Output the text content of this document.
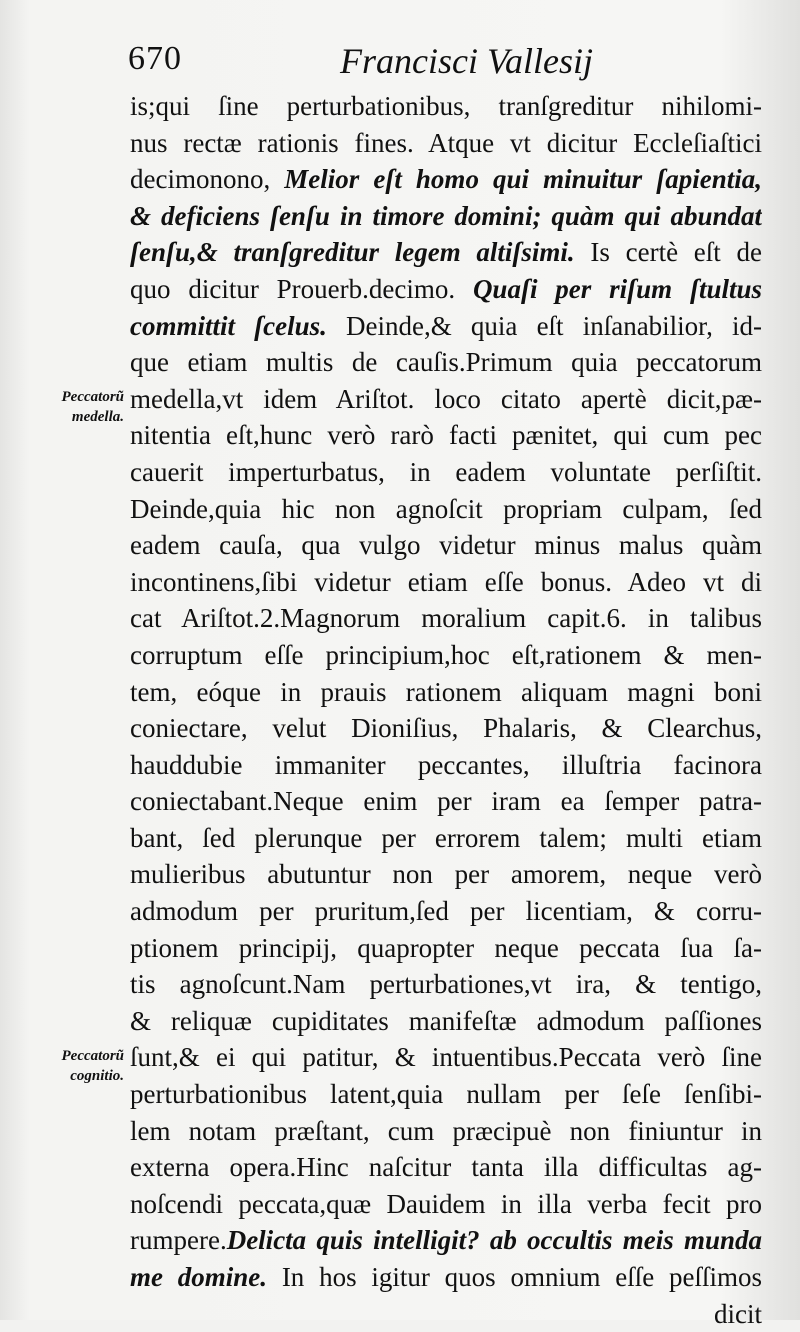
670	Francisci Vallesij
is;qui ſine perturbationibus, tranſgreditur nihilomi-
nus rectæ rationis fines. Atque vt dicitur Eccleſiaſtici
decimonono, Melior eſt homo qui minuitur ſapientia,
& deficiens ſenſu in timore domini; quàm qui abundat
ſenſu,& tranſgreditur legem altiſsimi. Is certè eſt de
quo dicitur Prouerb.decimo. Quaſi per riſum ſtultus
committit ſcelus. Deinde,& quia eſt inſanabilior, id-
que etiam multis de cauſis.Primum quia peccatorum
medella,vt idem Ariſtot. loco citato apertè dicit,pæ-
nitentia eſt,hunc verò rarò facti pænitet, qui cum pec
cauerit imperturbatus, in eadem voluntate perſiſtit.
Deinde,quia hic non agnoſcit propriam culpam, ſed
eadem cauſa, qua vulgo videtur minus malus quàm
incontinens,ſibi videtur etiam eſſe bonus. Adeo vt di
cat Ariſtot.2.Magnorum moralium capit.6. in talibus
corruptum eſſe principium,hoc eſt,rationem & men-
tem, eóque in prauis rationem aliquam magni boni
coniectare, velut Dioniſius, Phalaris, & Clearchus,
hauddubie immaniter peccantes, illuſtria facinora
coniectabant.Neque enim per iram ea ſemper patra-
bant, ſed plerunque per errorem talem; multi etiam
mulieribus abutuntur non per amorem, neque verò
admodum per pruritum,ſed per licentiam, & corru-
ptionem principij, quapropter neque peccata ſua ſa-
tis agnoſcunt.Nam perturbationes,vt ira, & tentigo,
& reliquæ cupiditates manifeſtæ admodum paſſiones
ſunt,& ei qui patitur, & intuentibus.Peccata verò ſine
perturbationibus latent,quia nullam per ſeſe ſenſibi-
lem notam præſtant, cum præcipuè non finiuntur in
externa opera.Hinc naſcitur tanta illa difficultas ag-
noſcendi peccata,quæ Dauidem in illa verba fecit pro
rumpere.Delicta quis intelligit? ab occultis meis munda
me domine. In hos igitur quos omnium eſſe peſſimos
dicit
Peccatorũ medella.
Peccatorũ cognitio.
